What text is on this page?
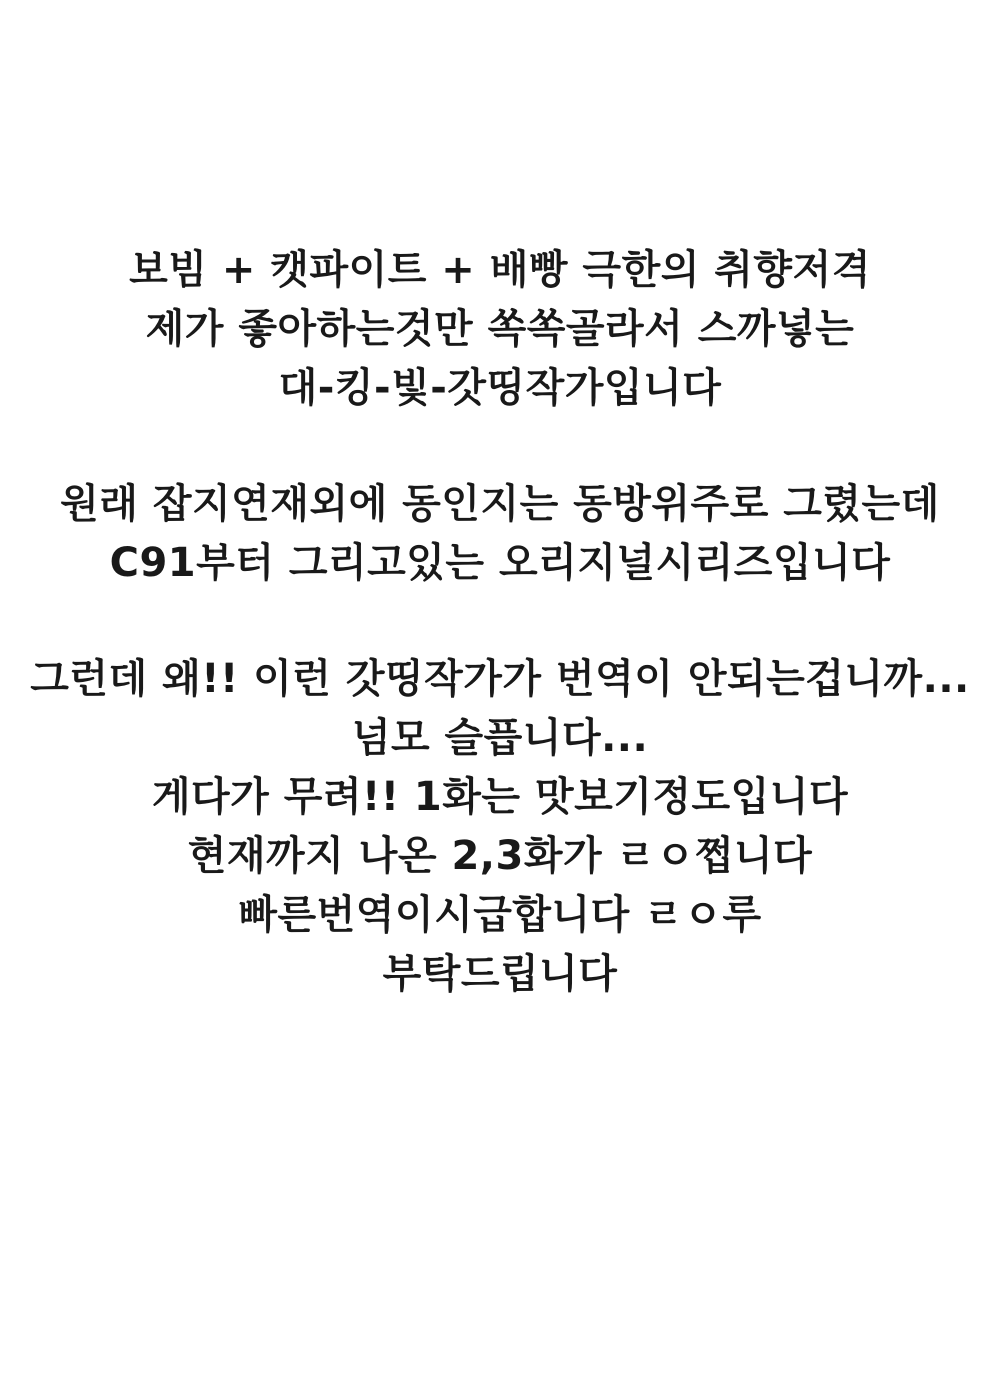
보빔 + 캣파이트 + 배빵 극한의 취향저격
제가 좋아하는것만 쏙쏙골라서 스까넣는
대-킹-빛-갓띵작가입니다
원래 잡지연재외에 동인지는 동방위주로 그렸는데
C91부터 그리고있는 오리지널시리즈입니다
그런데 왜!! 이런 갓띵작가가 번역이 안되는겁니까...
넘모 슬픕니다...
게다가 무려!! 1화는 맛보기정도입니다
현재까지 나온 2,3화가 ㄹㅇ쩝니다
빠른번역이시급합니다 ㄹㅇ루
부탁드립니다
